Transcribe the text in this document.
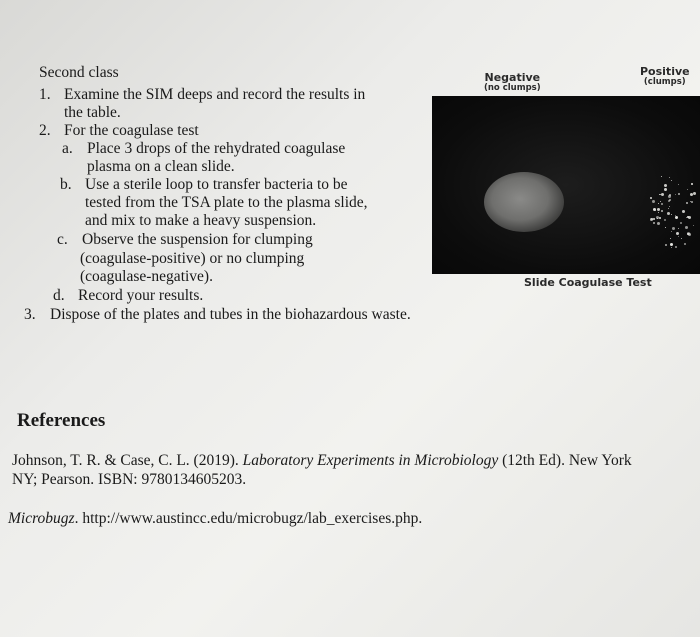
Second class
1. Examine the SIM deeps and record the results in
the table.
2. For the coagulase test
a. Place 3 drops of the rehydrated coagulase
plasma on a clean slide.
b. Use a sterile loop to transfer bacteria to be
tested from the TSA plate to the plasma slide,
and mix to make a heavy suspension.
c. Observe the suspension for clumping
(coagulase-positive) or no clumping
(coagulase-negative).
d. Record your results.
3. Dispose of the plates and tubes in the biohazardous waste.
Negative
(no clumps)
Positive
(clumps)
Slide Coagulase Test
References
Johnson, T. R. & Case, C. L. (2019). Laboratory Experiments in Microbiology (12th Ed). New York
NY; Pearson. ISBN: 9780134605203.
Microbugz. http://www.austincc.edu/microbugz/lab_exercises.php.
